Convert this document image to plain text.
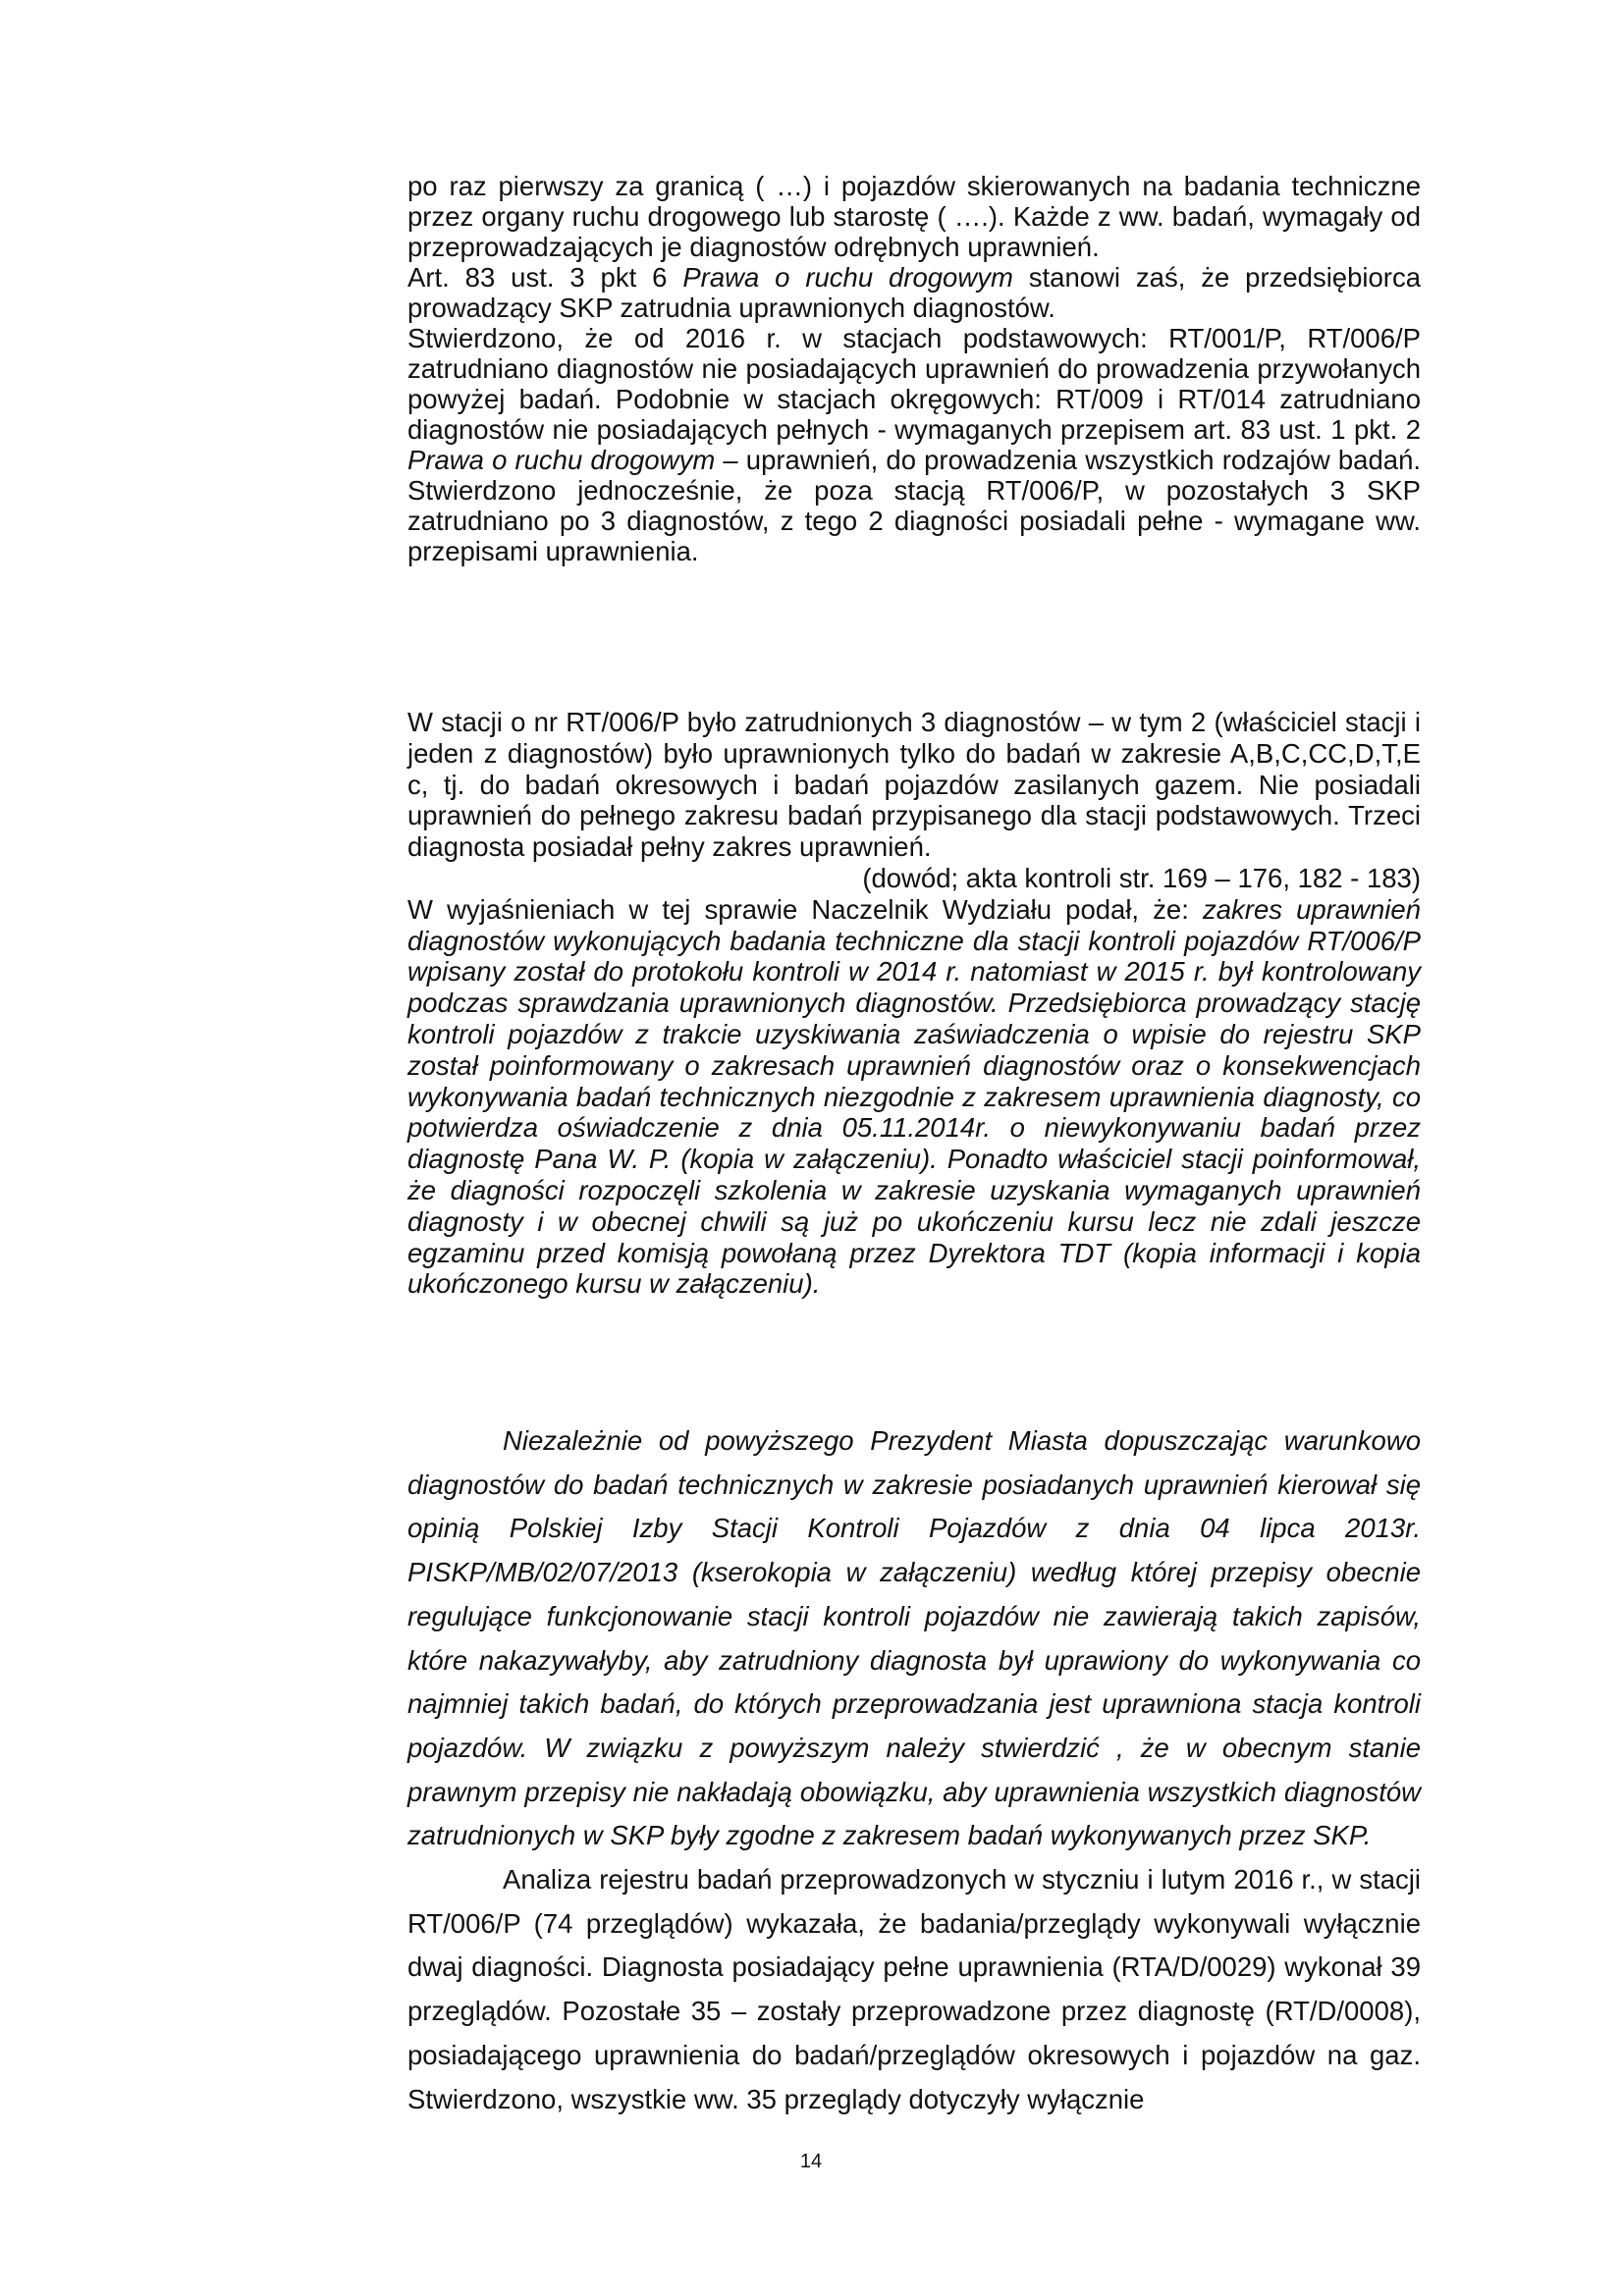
po raz pierwszy za granicą ( …) i pojazdów skierowanych na badania techniczne przez organy ruchu drogowego lub starostę ( ….). Każde z ww. badań, wymagały od przeprowadzających je diagnostów odrębnych uprawnień.

Art. 83 ust. 3 pkt 6 Prawa o ruchu drogowym stanowi zaś, że przedsiębiorca prowadzący SKP zatrudnia uprawnionych diagnostów.

Stwierdzono, że od 2016 r. w stacjach podstawowych: RT/001/P, RT/006/P zatrudniano diagnostów nie posiadających uprawnień do prowadzenia przywołanych powyżej badań. Podobnie w stacjach okręgowych: RT/009 i RT/014 zatrudniano diagnostów nie posiadających pełnych - wymaganych przepisem art. 83 ust. 1 pkt. 2 Prawa o ruchu drogowym – uprawnień, do prowadzenia wszystkich rodzajów badań. Stwierdzono jednocześnie, że poza stacją RT/006/P, w pozostałych 3 SKP zatrudniano po 3 diagnostów, z tego 2 diagności posiadali pełne - wymagane ww. przepisami uprawnienia.

W stacji o nr RT/006/P było zatrudnionych 3 diagnostów – w tym 2 (właściciel stacji i jeden z diagnostów) było uprawnionych tylko do badań w zakresie A,B,C,CC,D,T,E c, tj. do badań okresowych i badań pojazdów zasilanych gazem. Nie posiadali uprawnień do pełnego zakresu badań przypisanego dla stacji podstawowych. Trzeci diagnosta posiadał pełny zakres uprawnień.

(dowód; akta kontroli str. 169 – 176, 182 - 183)

W wyjaśnieniach w tej sprawie Naczelnik Wydziału podał, że: zakres uprawnień diagnostów wykonujących badania techniczne dla stacji kontroli pojazdów RT/006/P wpisany został do protokołu kontroli w 2014 r. natomiast w 2015 r. był kontrolowany podczas sprawdzania uprawnionych diagnostów. Przedsiębiorca prowadzący stację kontroli pojazdów z trakcie uzyskiwania zaświadczenia o wpisie do rejestru SKP został poinformowany o zakresach uprawnień diagnostów oraz o konsekwencjach wykonywania badań technicznych niezgodnie z zakresem uprawnienia diagnosty, co potwierdza oświadczenie z dnia 05.11.2014r. o niewykonywaniu badań przez diagnostę Pana W. P. (kopia w załączeniu). Ponadto właściciel stacji poinformował, że diagności rozpoczęli szkolenia w zakresie uzyskania wymaganych uprawnień diagnosty i w obecnej chwili są już po ukończeniu kursu lecz nie zdali jeszcze egzaminu przed komisją powołaną przez Dyrektora TDT (kopia informacji i kopia ukończonego kursu w załączeniu).

Niezależnie od powyższego Prezydent Miasta dopuszczając warunkowo diagnostów do badań technicznych w zakresie posiadanych uprawnień kierował się opinią Polskiej Izby Stacji Kontroli Pojazdów z dnia 04 lipca 2013r. PISKP/MB/02/07/2013 (kserokopia w załączeniu) według której przepisy obecnie regulujące funkcjonowanie stacji kontroli pojazdów nie zawierają takich zapisów, które nakazywałyby, aby zatrudniony diagnosta był uprawiony do wykonywania co najmniej takich badań, do których przeprowadzania jest uprawniona stacja kontroli pojazdów. W związku z powyższym należy stwierdzić , że w obecnym stanie prawnym przepisy nie nakładają obowiązku, aby uprawnienia wszystkich diagnostów zatrudnionych w SKP były zgodne z zakresem badań wykonywanych przez SKP.

Analiza rejestru badań przeprowadzonych w styczniu i lutym 2016 r., w stacji RT/006/P (74 przeglądów) wykazała, że badania/przeglądy wykonywali wyłącznie dwaj diagności. Diagnosta posiadający pełne uprawnienia (RTA/D/0029) wykonał 39 przeglądów. Pozostałe 35 – zostały przeprowadzone przez diagnostę (RT/D/0008), posiadającego uprawnienia do badań/przeglądów okresowych i pojazdów na gaz. Stwierdzono, wszystkie ww. 35 przeglądy dotyczyły wyłącznie

14
